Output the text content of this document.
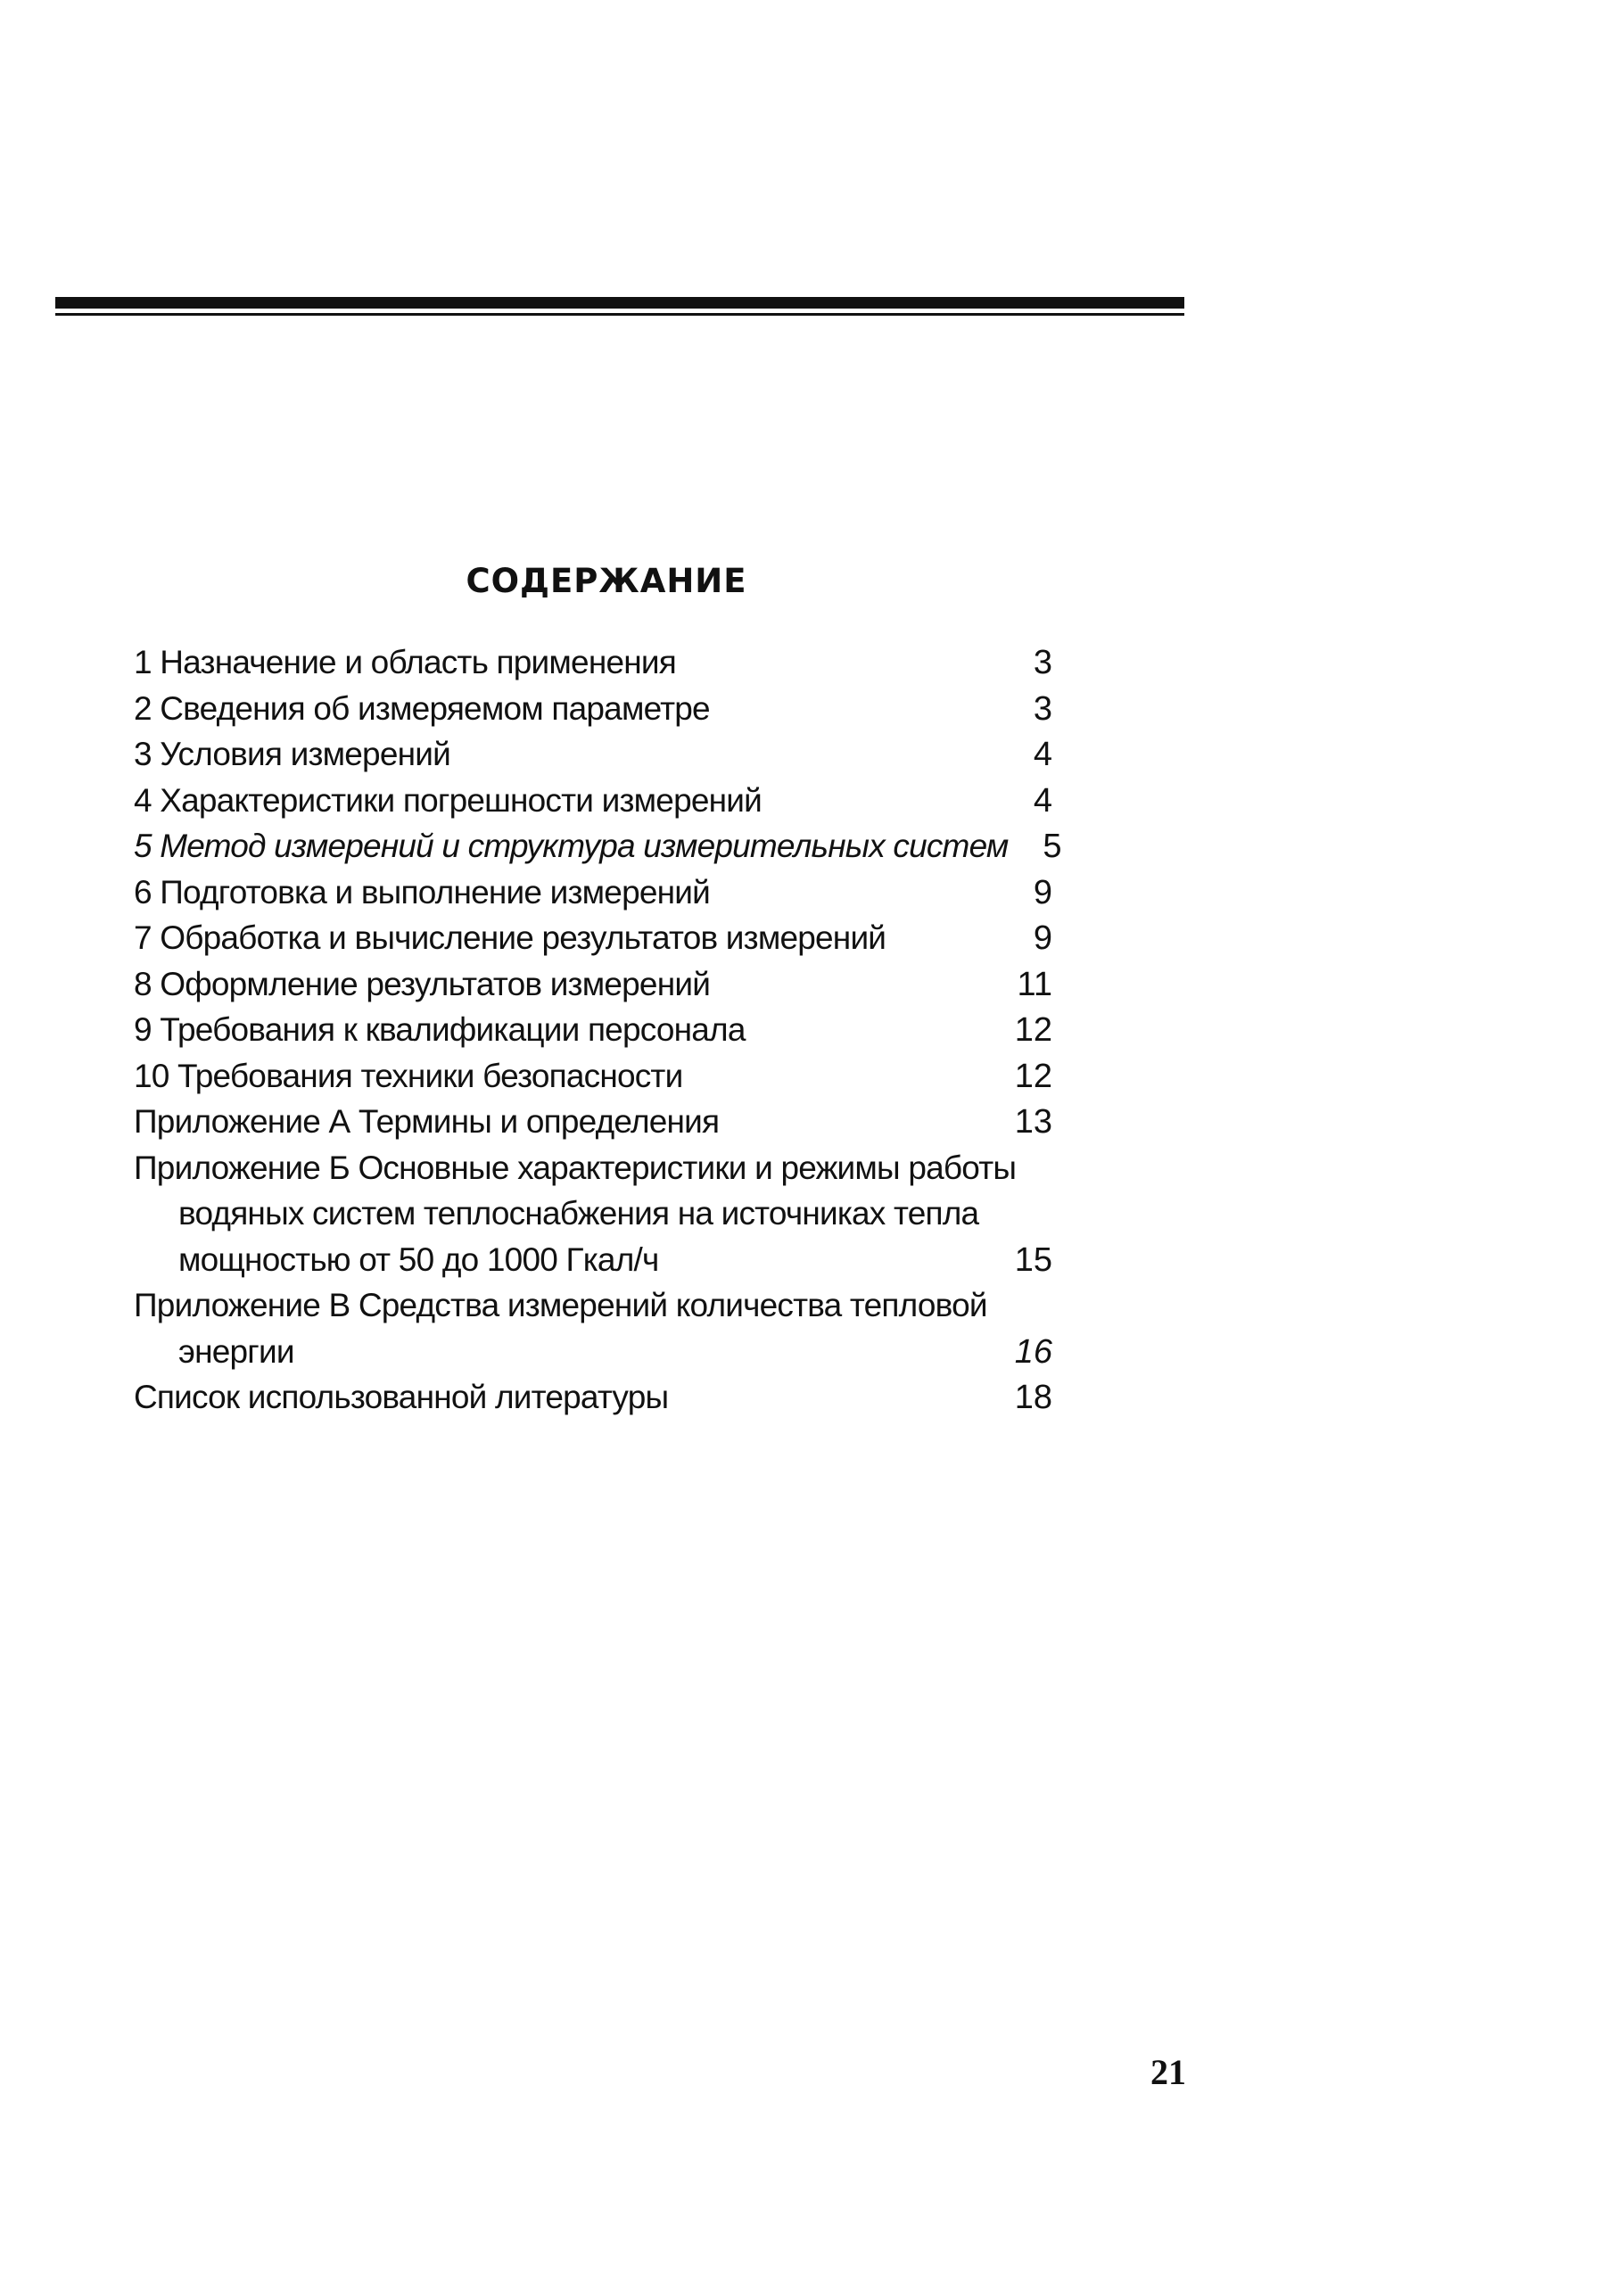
СОДЕРЖАНИЕ
1 Назначение и область применения	3
2 Сведения об измеряемом параметре	3
3 Условия измерений	4
4 Характеристики погрешности измерений	4
5 Метод измерений и структура измерительных систем	5
6 Подготовка и выполнение измерений	9
7 Обработка и вычисление результатов измерений	9
8 Оформление результатов измерений	11
9 Требования к квалификации персонала	12
10 Требования техники безопасности	12
Приложение А Термины и определения	13
Приложение Б Основные характеристики и режимы работы
водяных систем теплоснабжения на источниках тепла
мощностью от 50 до 1000 Гкал/ч	15
Приложение В Средства измерений количества тепловой
энергии	16
Список использованной литературы	18
21
